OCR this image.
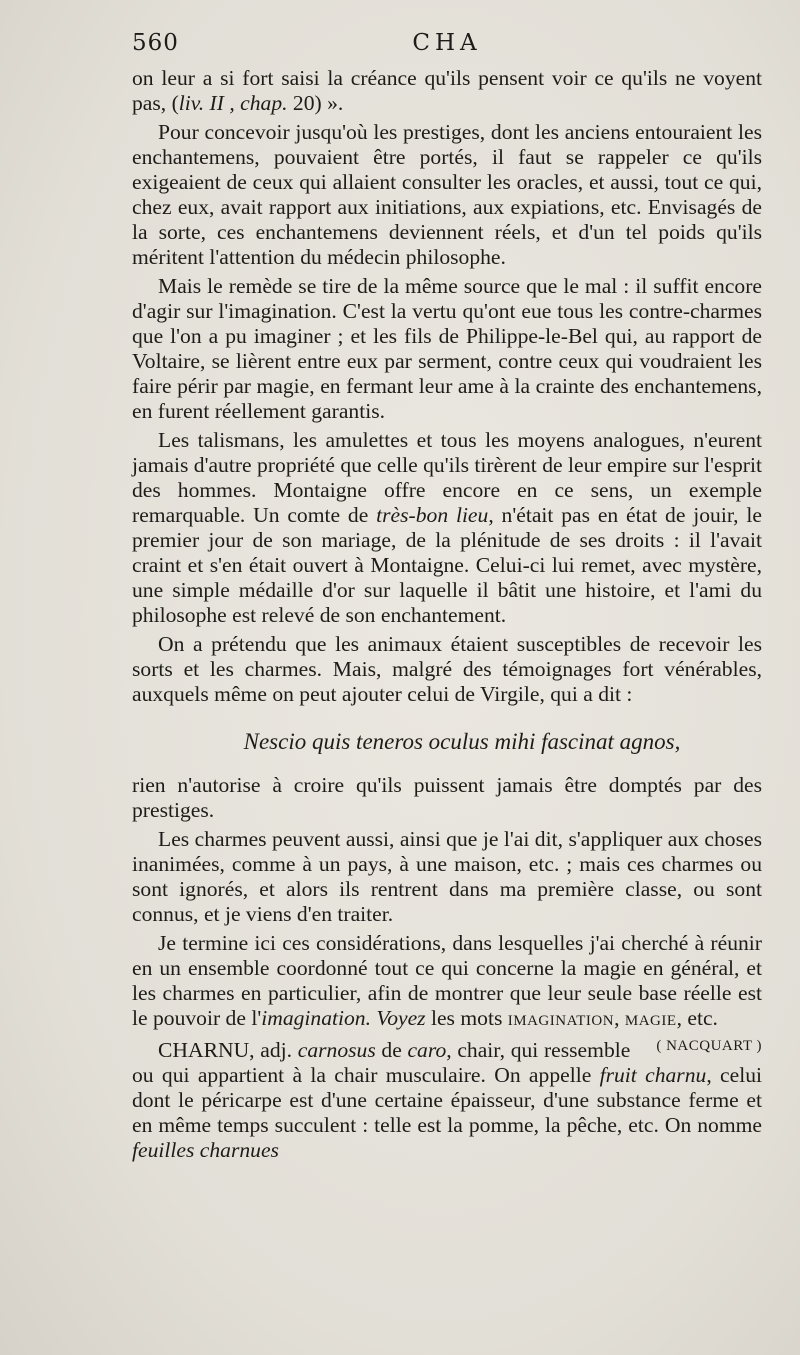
560	CHA

on leur a si fort saisi la créance qu'ils pensent voir ce qu'ils ne voyent pas, (liv. II , chap. 20) ».

Pour concevoir jusqu'où les prestiges, dont les anciens entouraient les enchantemens, pouvaient être portés, il faut se rappeler ce qu'ils exigeaient de ceux qui allaient consulter les oracles, et aussi, tout ce qui, chez eux, avait rapport aux initiations, aux expiations, etc. Envisagés de la sorte, ces enchantemens deviennent réels, et d'un tel poids qu'ils méritent l'attention du médecin philosophe.

Mais le remède se tire de la même source que le mal : il suffit encore d'agir sur l'imagination. C'est la vertu qu'ont eue tous les contre-charmes que l'on a pu imaginer ; et les fils de Philippe-le-Bel qui, au rapport de Voltaire, se lièrent entre eux par serment, contre ceux qui voudraient les faire périr par magie, en fermant leur ame à la crainte des enchantemens, en furent réellement garantis.

Les talismans, les amulettes et tous les moyens analogues, n'eurent jamais d'autre propriété que celle qu'ils tirèrent de leur empire sur l'esprit des hommes. Montaigne offre encore en ce sens, un exemple remarquable. Un comte de très-bon lieu, n'était pas en état de jouir, le premier jour de son mariage, de la plénitude de ses droits : il l'avait craint et s'en était ouvert à Montaigne. Celui-ci lui remet, avec mystère, une simple médaille d'or sur laquelle il bâtit une histoire, et l'ami du philosophe est relevé de son enchantement.

On a prétendu que les animaux étaient susceptibles de recevoir les sorts et les charmes. Mais, malgré des témoignages fort vénérables, auxquels même on peut ajouter celui de Virgile, qui a dit :

Nescio quis teneros oculus mihi fascinat agnos,

rien n'autorise à croire qu'ils puissent jamais être domptés par des prestiges.

Les charmes peuvent aussi, ainsi que je l'ai dit, s'appliquer aux choses inanimées, comme à un pays, à une maison, etc. ; mais ces charmes ou sont ignorés, et alors ils rentrent dans ma première classe, ou sont connus, et je viens d'en traiter.

Je termine ici ces considérations, dans lesquelles j'ai cherché à réunir en un ensemble coordonné tout ce qui concerne la magie en général, et les charmes en particulier, afin de montrer que leur seule base réelle est le pouvoir de l'imagination. Voyez les mots IMAGINATION, MAGIE, etc.
( NACQUART )

CHARNU, adj. carnosus de caro, chair, qui ressemble ou qui appartient à la chair musculaire. On appelle fruit charnu, celui dont le péricarpe est d'une certaine épaisseur, d'une substance ferme et en même temps succulent : telle est la pomme, la pêche, etc. On nomme feuilles charnues
